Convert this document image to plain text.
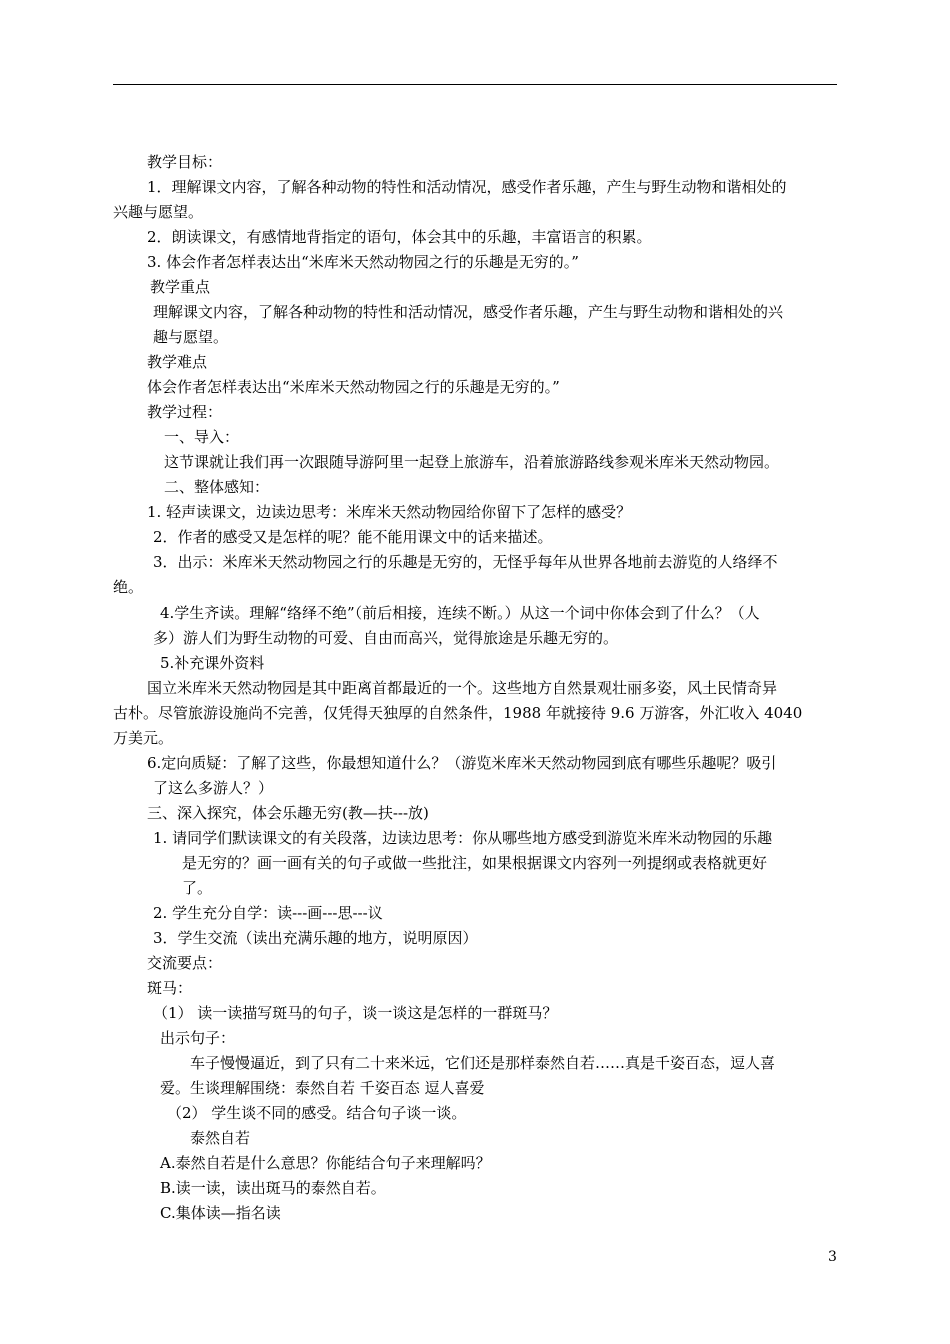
教学目标：
1．理解课文内容，了解各种动物的特性和活动情况，感受作者乐趣，产生与野生动物和谐相处的
兴趣与愿望。
2．朗读课文，有感情地背指定的语句，体会其中的乐趣，丰富语言的积累。
3. 体会作者怎样表达出“米库米天然动物园之行的乐趣是无穷的。”
教学重点
理解课文内容，了解各种动物的特性和活动情况，感受作者乐趣，产生与野生动物和谐相处的兴
趣与愿望。
教学难点
体会作者怎样表达出“米库米天然动物园之行的乐趣是无穷的。”
教学过程：
一、导入：
这节课就让我们再一次跟随导游阿里一起登上旅游车，沿着旅游路线参观米库米天然动物园。
二、整体感知：
1. 轻声读课文，边读边思考：米库米天然动物园给你留下了怎样的感受？
2．作者的感受又是怎样的呢？能不能用课文中的话来描述。
3．出示：米库米天然动物园之行的乐趣是无穷的，无怪乎每年从世界各地前去游览的人络绎不
绝。
4.学生齐读。理解“络绎不绝”（前后相接，连续不断。）从这一个词中你体会到了什么？（人
多）游人们为野生动物的可爱、自由而高兴，觉得旅途是乐趣无穷的。
5.补充课外资料
国立米库米天然动物园是其中距离首都最近的一个。这些地方自然景观壮丽多姿，风土民情奇异
古朴。尽管旅游设施尚不完善，仅凭得天独厚的自然条件，1988 年就接待 9.6 万游客，外汇收入 4040
万美元。
6.定向质疑：了解了这些，你最想知道什么？（游览米库米天然动物园到底有哪些乐趣呢？吸引
了这么多游人？）
三、深入探究，体会乐趣无穷(教—扶---放)
1. 请同学们默读课文的有关段落，边读边思考：你从哪些地方感受到游览米库米动物园的乐趣
是无穷的？画一画有关的句子或做一些批注，如果根据课文内容列一列提纲或表格就更好
了。
2. 学生充分自学：读---画---思---议
3．学生交流（读出充满乐趣的地方，说明原因）
交流要点：
斑马：
（1） 读一读描写斑马的句子，谈一谈这是怎样的一群斑马？
出示句子：
车子慢慢逼近，到了只有二十来米远，它们还是那样泰然自若……真是千姿百态，逗人喜
爱。生谈理解围绕：泰然自若 千姿百态 逗人喜爱
（2） 学生谈不同的感受。结合句子谈一谈。
泰然自若
A.泰然自若是什么意思？你能结合句子来理解吗？
B.读一读，读出斑马的泰然自若。
C.集体读—指名读
3
